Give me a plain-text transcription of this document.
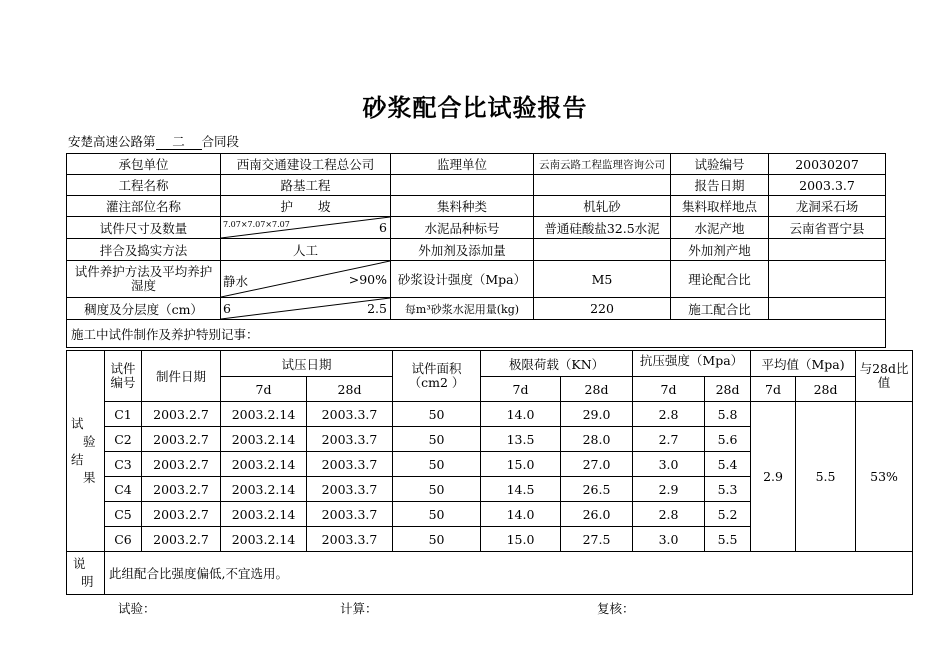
砂浆配合比试验报告
安楚高速公路第 二 合同段
承包单位	西南交通建设工程总公司	监理单位	云南云路工程监理咨询公司	试验编号	20030207
工程名称	路基工程			报告日期	2003.3.7
灌注部位名称	护　　坡	集料种类	机轧砂	集料取样地点	龙洞采石场
试件尺寸及数量	7.07×7.07×7.07 6	水泥品种标号	普通硅酸盐32.5水泥	水泥产地	云南省晋宁县
拌合及捣实方法	人工	外加剂及添加量		外加剂产地	
试件养护方法及平均养护湿度	静水 >90%	砂浆设计强度（Mpa）	M5	理论配合比	
稠度及分层度（cm）	6 2.5	每m³砂浆水泥用量(kg)	220	施工配合比	
施工中试件制作及养护特别记事：					
试
验
结
果	试件编号	制件日期	试压日期		试件面积（cm2 ）	极限荷载（KN）		抗压强度（Mpa）		平均值（Mpa)		与28d比值
			7d	28d		7d	28d	7d	28d	7d	28d	
	C1	2003.2.7	2003.2.14	2003.3.7	50	14.0	29.0	2.8	5.8	2.9	5.5	53%
	C2	2003.2.7	2003.2.14	2003.3.7	50	13.5	28.0	2.7	5.6			
	C3	2003.2.7	2003.2.14	2003.3.7	50	15.0	27.0	3.0	5.4			
	C4	2003.2.7	2003.2.14	2003.3.7	50	14.5	26.5	2.9	5.3			
	C5	2003.2.7	2003.2.14	2003.3.7	50	14.0	26.0	2.8	5.2			
	C6	2003.2.7	2003.2.14	2003.3.7	50	15.0	27.5	3.0	5.5			

说
明	此组配合比强度偏低,不宜选用。											
试验：	计算：	复核：
